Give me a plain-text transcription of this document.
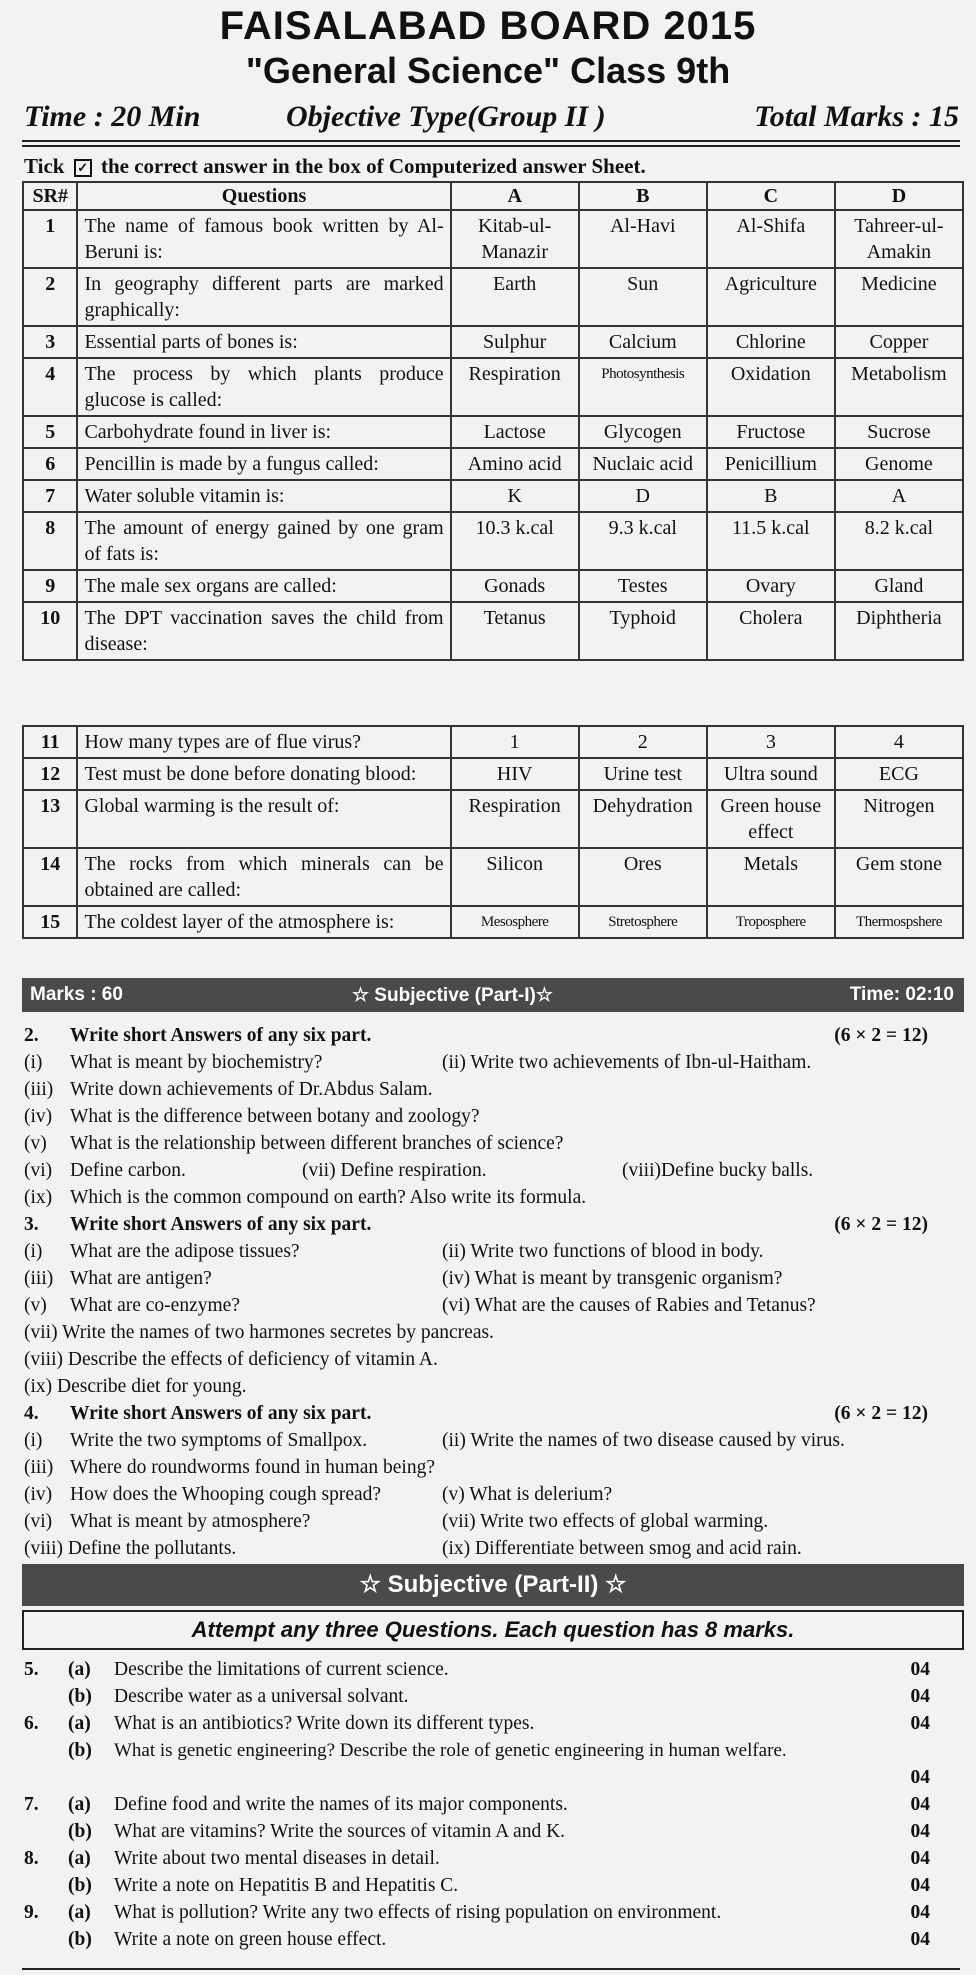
FAISALABAD BOARD 2015
"General Science" Class 9th
Time : 20 Min	Objective Type(Group II )	Total Marks : 15
Tick ✓ the correct answer in the box of Computerized answer Sheet.
SR#	Questions	A	B	C	D
1	The name of famous book written by Al-Beruni is:	Kitab-ul-Manazir	Al-Havi	Al-Shifa	Tahreer-ul-Amakin
2	In geography different parts are marked graphically:	Earth	Sun	Agriculture	Medicine
3	Essential parts of bones is:	Sulphur	Calcium	Chlorine	Copper
4	The process by which plants produce glucose is called:	Respiration	Photosynthesis	Oxidation	Metabolism
5	Carbohydrate found in liver is:	Lactose	Glycogen	Fructose	Sucrose
6	Pencillin is made by a fungus called:	Amino acid	Nuclaic acid	Penicillium	Genome
7	Water soluble vitamin is:	K	D	B	A
8	The amount of energy gained by one gram of fats is:	10.3 k.cal	9.3 k.cal	11.5 k.cal	8.2 k.cal
9	The male sex organs are called:	Gonads	Testes	Ovary	Gland
10	The DPT vaccination saves the child from disease:	Tetanus	Typhoid	Cholera	Diphtheria
11	How many types are of flue virus?	1	2	3	4
12	Test must be done before donating blood:	HIV	Urine test	Ultra sound	ECG
13	Global warming is the result of:	Respiration	Dehydration	Green house effect	Nitrogen
14	The rocks from which minerals can be obtained are called:	Silicon	Ores	Metals	Gem stone
15	The coldest layer of the atmosphere is:	Mesosphere	Stretosphere	Troposphere	Thermospshere
Marks : 60	☆ Subjective (Part-I)☆	Time: 02:10
2. Write short Answers of any six part.	(6 × 2 = 12)
(i) What is meant by biochemistry?	(ii) Write two achievements of Ibn-ul-Haitham.
(iii) Write down achievements of Dr.Abdus Salam.
(iv) What is the difference between botany and zoology?
(v) What is the relationship between different branches of science?
(vi) Define carbon.	(vii) Define respiration.	(viii)Define bucky balls.
(ix) Which is the common compound on earth? Also write its formula.
3. Write short Answers of any six part.	(6 × 2 = 12)
(i) What are the adipose tissues?	(ii) Write two functions of blood in body.
(iii) What are antigen?	(iv) What is meant by transgenic organism?
(v) What are co-enzyme?	(vi) What are the causes of Rabies and Tetanus?
(vii) Write the names of two harmones secretes by pancreas.
(viii) Describe the effects of deficiency of vitamin A.
(ix) Describe diet for young.
4. Write short Answers of any six part.	(6 × 2 = 12)
(i) Write the two symptoms of Smallpox.	(ii) Write the names of two disease caused by virus.
(iii) Where do roundworms found in human being?
(iv) How does the Whooping cough spread?	(v) What is delerium?
(vi) What is meant by atmosphere?	(vii) Write two effects of global warming.
(viii) Define the pollutants.	(ix) Differentiate between smog and acid rain.
☆ Subjective (Part-II) ☆
Attempt any three Questions. Each question has 8 marks.
5. (a) Describe the limitations of current science.	04
(b) Describe water as a universal solvant.	04
6. (a) What is an antibiotics? Write down its different types.	04
(b) What is genetic engineering? Describe the role of genetic engineering in human welfare.
04
7. (a) Define food and write the names of its major components.	04
(b) What are vitamins? Write the sources of vitamin A and K.	04
8. (a) Write about two mental diseases in detail.	04
(b) Write a note on Hepatitis B and Hepatitis C.	04
9. (a) What is pollution? Write any two effects of rising population on environment.	04
(b) Write a note on green house effect.	04
